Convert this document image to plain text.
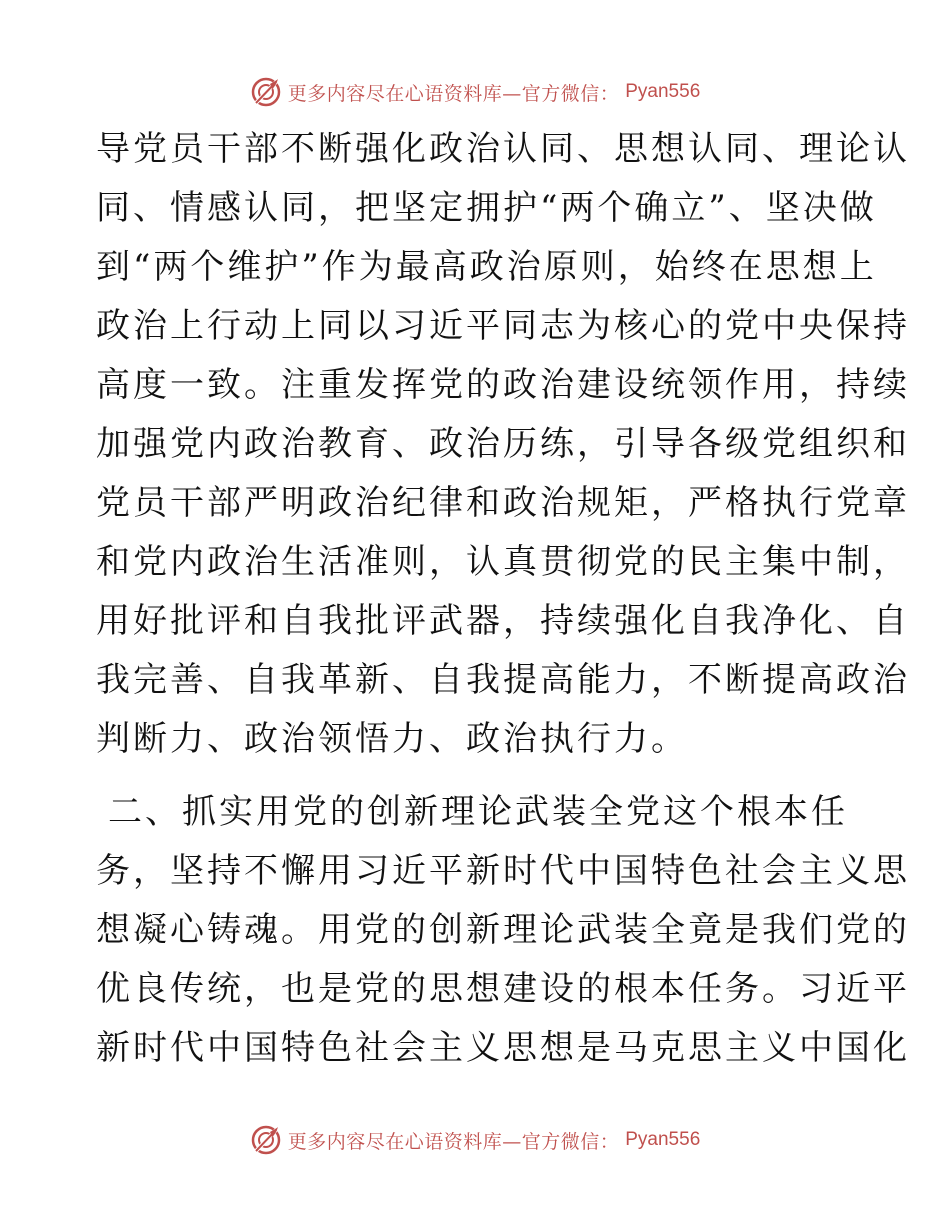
更多内容尽在心语资料库—官方微信： Pyan556
导党员干部不断强化政治认同、思想认同、理论认
同、情感认同，把坚定拥护“两个确立”、坚决做
到“两个维护”作为最高政治原则，始终在思想上
政治上行动上同以习近平同志为核心的党中央保持
高度一致。注重发挥党的政治建设统领作用，持续
加强党内政治教育、政治历练，引导各级党组织和
党员干部严明政治纪律和政治规矩，严格执行党章
和党内政治生活准则，认真贯彻党的民主集中制，
用好批评和自我批评武器，持续强化自我净化、自
我完善、自我革新、自我提高能力，不断提高政治
判断力、政治领悟力、政治执行力。
二、抓实用党的创新理论武装全党这个根本任
务，坚持不懈用习近平新时代中国特色社会主义思
想凝心铸魂。用党的创新理论武装全竟是我们党的
优良传统，也是党的思想建设的根本任务。习近平
新时代中国特色社会主义思想是马克思主义中国化
更多内容尽在心语资料库—官方微信： Pyan556
